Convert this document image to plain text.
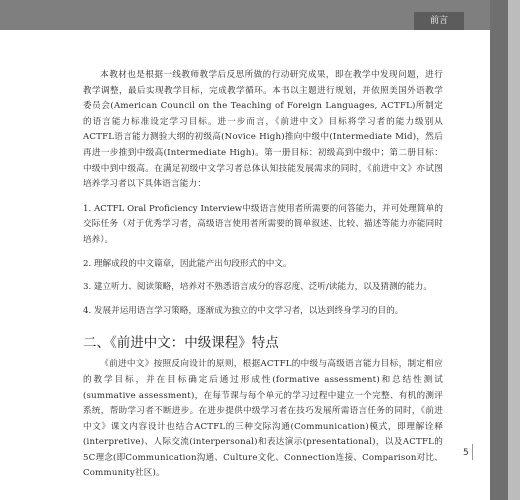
前言

本教材也是根据一线教师教学后反思所做的行动研究成果，即在教学中发现问题，进行教学调整，最后实现教学目标，完成教学循环。本书以主题进行规划，并依照美国外语教学委员会(American Council on the Teaching of Foreign Languages, ACTFL)所制定的语言能力标准设定学习目标。进一步而言，《前进中文》目标将学习者的能力级别从ACTFL语言能力测验大纲的初级高(Novice High)推向中级中(Intermediate Mid)，然后再进一步推到中级高(Intermediate High)。第一册目标：初级高到中级中；第二册目标：中级中到中级高。在满足初级中文学习者总体认知技能发展需求的同时，《前进中文》亦试图培养学习者以下具体语言能力：

1. ACTFL Oral Proficiency Interview中级语言使用者所需要的问答能力，并可处理简单的交际任务（对于优秀学习者，高级语言使用者所需要的简单叙述、比较、描述等能力亦能同时培养）。

2. 理解成段的中文篇章，因此能产出句段形式的中文。

3. 建立听力、阅读策略，培养对不熟悉语言成分的容忍度、泛听/读能力，以及猜测的能力。

4. 发展并运用语言学习策略，逐渐成为独立的中文学习者，以达到终身学习的目的。

二、《前进中文：中级课程》特点

《前进中文》按照反向设计的原则，根据ACTFL的中级与高级语言能力目标，制定相应的教学目标，并在目标确定后通过形成性(formative assessment)和总结性测试(summative assessment)，在每节课与每个单元的学习过程中建立一个完整、有机的测评系统，帮助学习者不断进步。在进步提供中级学习者在技巧发展所需语言任务的同时，《前进中文》课文内容设计也结合ACTFL的三种交际沟通(Communication)模式，即理解诠释(interpretive)、人际交流(interpersonal)和表达演示(presentational)，以及ACTFL的5C理念(即Communication沟通、Culture文化、Connection连接、Comparison对比、Community社区)。

5
